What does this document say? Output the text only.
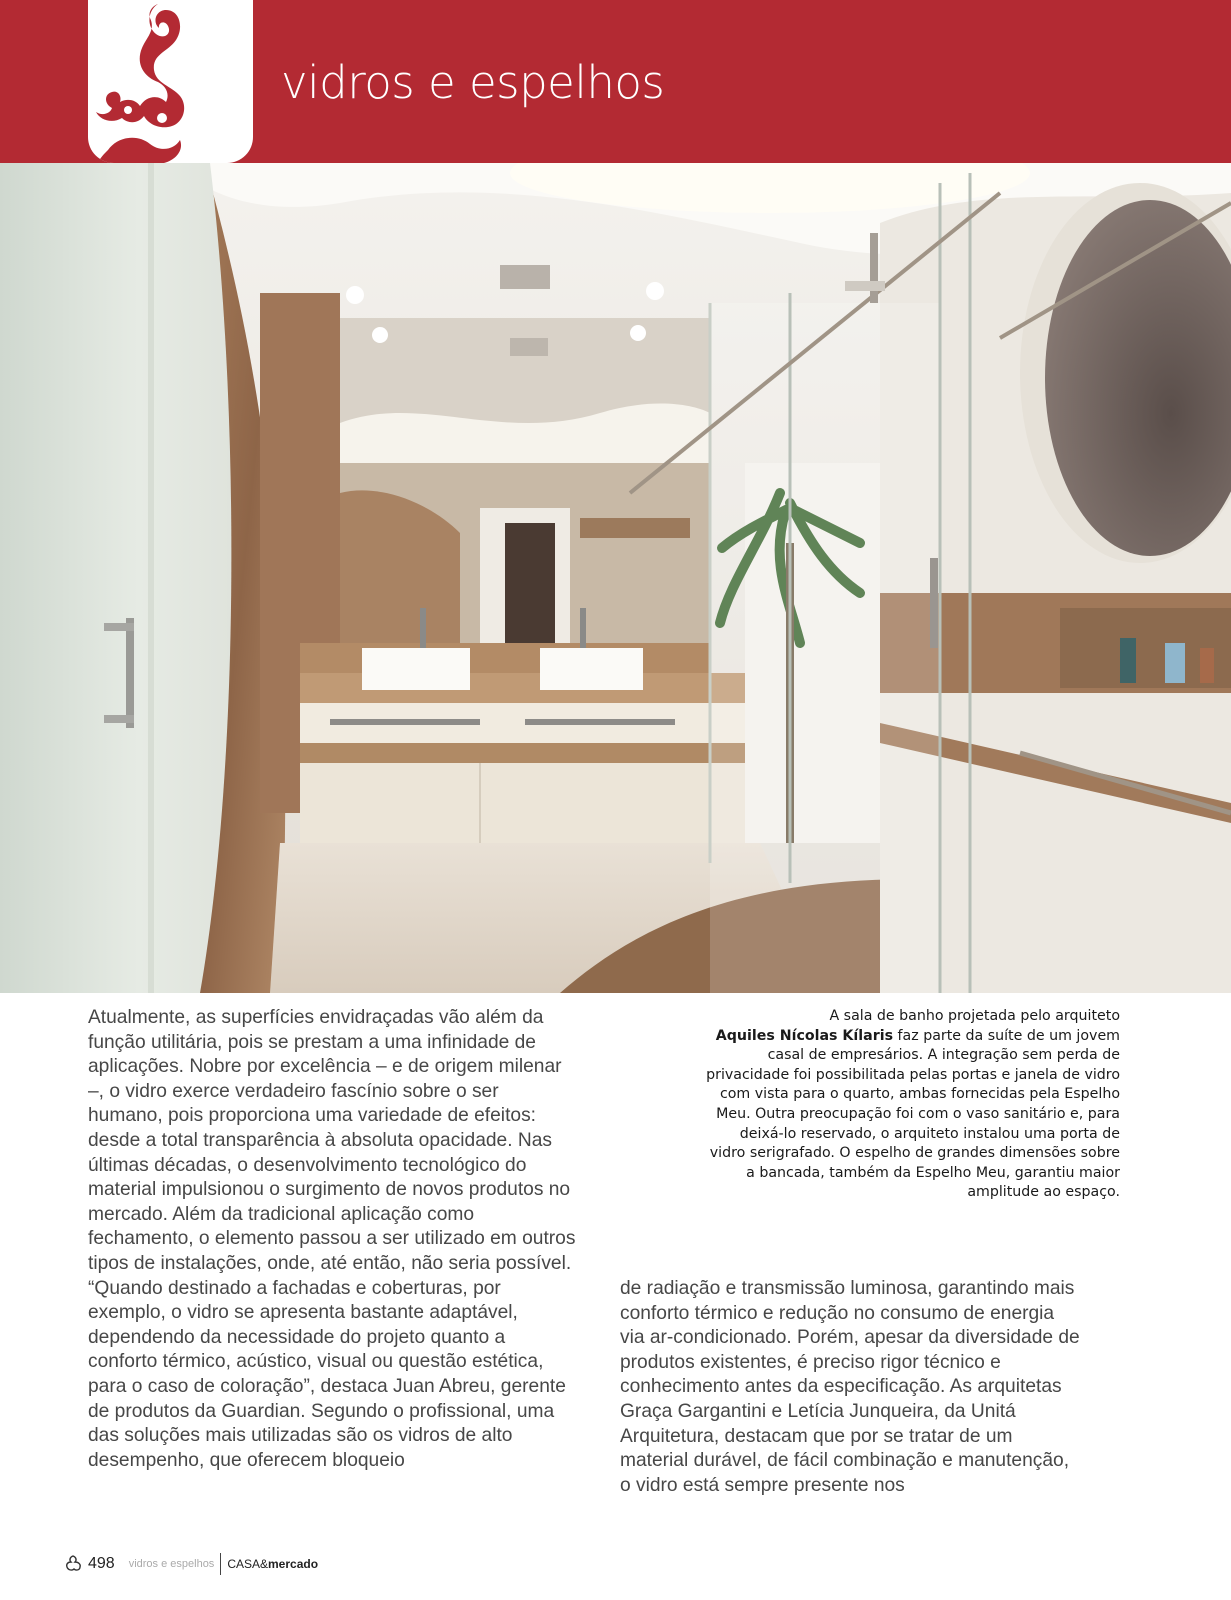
vidros e espelhos

Atualmente, as superfícies envidraçadas vão além da função utilitária, pois se prestam a uma infinidade de aplicações. Nobre por excelência – e de origem milenar –, o vidro exerce verdadeiro fascínio sobre o ser humano, pois proporciona uma variedade de efeitos: desde a total transparência à absoluta opacidade. Nas últimas décadas, o desenvolvimento tecnológico do material impulsionou o surgimento de novos produtos no mercado. Além da tradicional aplicação como fechamento, o elemento passou a ser utilizado em outros tipos de instalações, onde, até então, não seria possível. “Quando destinado a fachadas e coberturas, por exemplo, o vidro se apresenta bastante adaptável, dependendo da necessidade do projeto quanto a conforto térmico, acústico, visual ou questão estética, para o caso de coloração”, destaca Juan Abreu, gerente de produtos da Guardian. Segundo o profissional, uma das soluções mais utilizadas são os vidros de alto desempenho, que oferecem bloqueio

A sala de banho projetada pelo arquiteto
Aquiles Nícolas Kílaris faz parte da suíte de um jovem casal de empresários. A integração sem perda de privacidade foi possibilitada pelas portas e janela de vidro com vista para o quarto, ambas fornecidas pela Espelho Meu. Outra preocupação foi com o vaso sanitário e, para deixá-lo reservado, o arquiteto instalou uma porta de vidro serigrafado. O espelho de grandes dimensões sobre a bancada, também da Espelho Meu, garantiu maior amplitude ao espaço.

de radiação e transmissão luminosa, garantindo mais conforto térmico e redução no consumo de energia via ar-condicionado. Porém, apesar da diversidade de produtos existentes, é preciso rigor técnico e conhecimento antes da especificação. As arquitetas Graça Gargantini e Letícia Junqueira, da Unitá Arquitetura, destacam que por se tratar de um material durável, de fácil combinação e manutenção, o vidro está sempre presente nos

498 vidros e espelhos CASA&mercado
